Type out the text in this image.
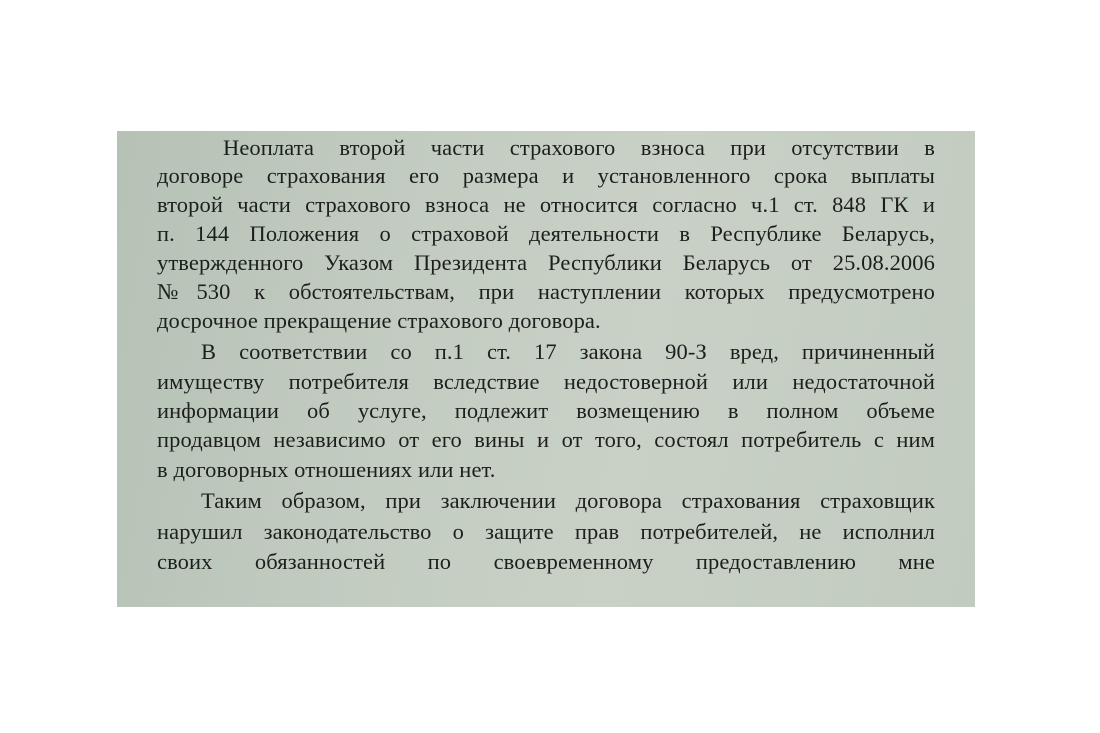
Неоплата второй части страхового взноса при отсутствии в
договоре страхования его размера и установленного срока выплаты
второй части страхового взноса не относится согласно ч.1 ст. 848 ГК и
п. 144 Положения о страховой деятельности в Республике Беларусь,
утвержденного Указом Президента Республики Беларусь от 25.08.2006
№530 к обстоятельствам, при наступлении которых предусмотрено
досрочное прекращение страхового договора.
В соответствии со п.1 ст. 17 закона 90-З вред, причиненный
имуществу потребителя вследствие недостоверной или недостаточной
информации об услуге, подлежит возмещению в полном объеме
продавцом независимо от его вины и от того, состоял потребитель с ним
в договорных отношениях или нет.
Таким образом, при заключении договора страхования страховщик
нарушил законодательство о защите прав потребителей, не исполнил
своих обязанностей по своевременному предоставлению мне
